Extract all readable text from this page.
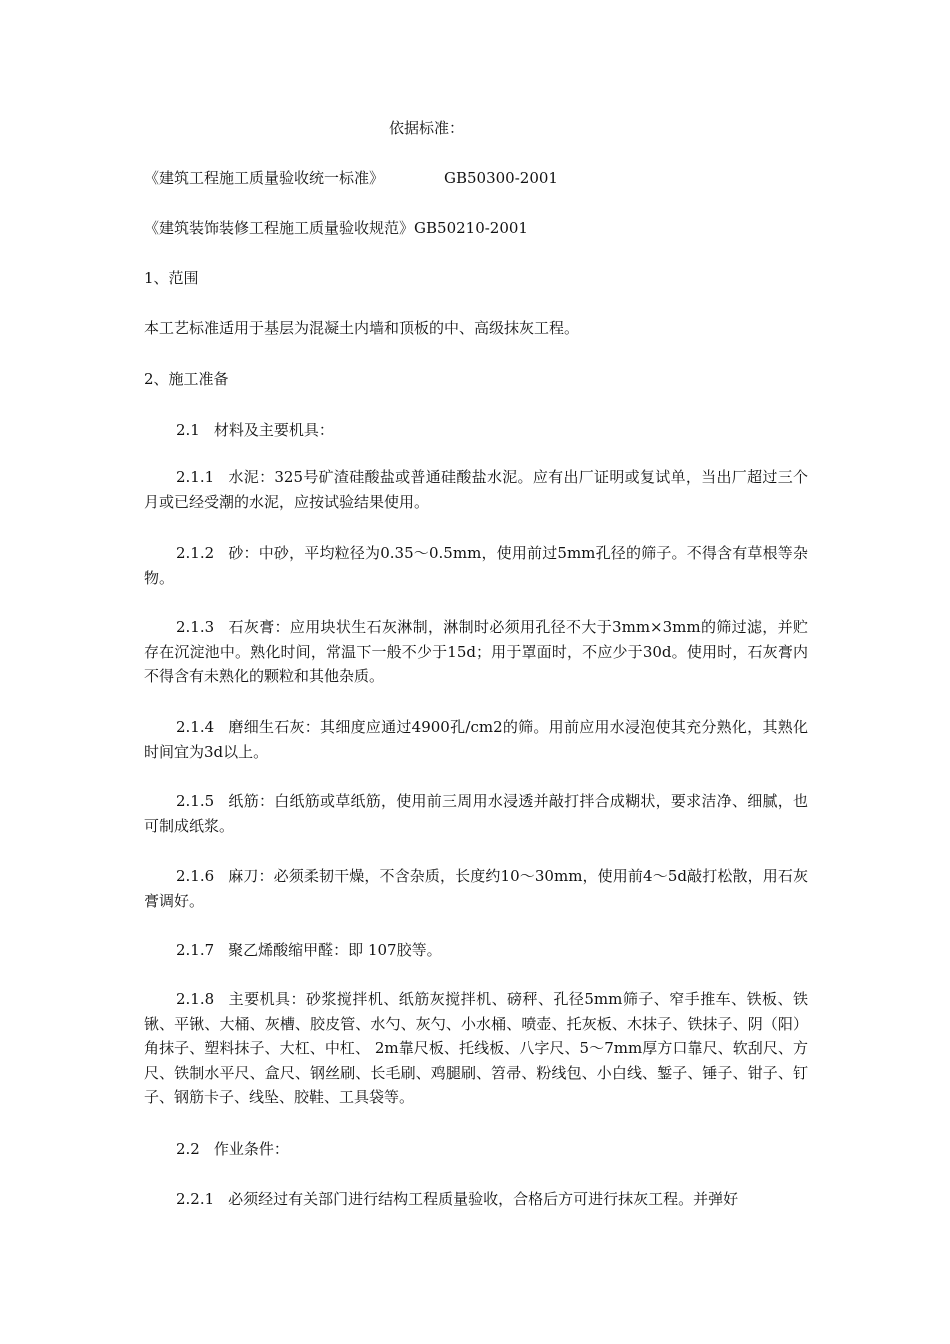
依据标准：
《建筑工程施工质量验收统一标准》	GB50300-2001
《建筑装饰装修工程施工质量验收规范》GB50210-2001
1、范围
本工艺标准适用于基层为混凝土内墙和顶板的中、高级抹灰工程。
2、施工准备
2.1 材料及主要机具：
2.1.1 水泥：325号矿渣硅酸盐或普通硅酸盐水泥。应有出厂证明或复试单，当出厂超过三个月或已经受潮的水泥，应按试验结果使用。
2.1.2 砂：中砂，平均粒径为0.35～0.5mm，使用前过5mm孔径的筛子。不得含有草根等杂物。
2.1.3 石灰膏：应用块状生石灰淋制，淋制时必须用孔径不大于3mm×3mm的筛过滤，并贮存在沉淀池中。熟化时间，常温下一般不少于15d；用于罩面时，不应少于30d。使用时，石灰膏内不得含有未熟化的颗粒和其他杂质。
2.1.4 磨细生石灰：其细度应通过4900孔/cm2的筛。用前应用水浸泡使其充分熟化，其熟化时间宜为3d以上。
2.1.5 纸筋：白纸筋或草纸筋，使用前三周用水浸透并敲打拌合成糊状，要求洁净、细腻，也可制成纸浆。
2.1.6 麻刀：必须柔韧干燥，不含杂质，长度约10～30mm，使用前4～5d敲打松散，用石灰膏调好。
2.1.7 聚乙烯酸缩甲醛：即 107胶等。
2.1.8 主要机具：砂浆搅拌机、纸筋灰搅拌机、磅秤、孔径5mm筛子、窄手推车、铁板、铁锹、平锹、大桶、灰槽、胶皮管、水勺、灰勺、小水桶、喷壶、托灰板、木抹子、铁抹子、阴（阳）角抹子、塑料抹子、大杠、中杠、 2m靠尺板、托线板、八字尺、5～7mm厚方口靠尺、软刮尺、方尺、铁制水平尺、盒尺、钢丝刷、长毛刷、鸡腿刷、笤帚、粉线包、小白线、錾子、锤子、钳子、钉子、钢筋卡子、线坠、胶鞋、工具袋等。
2.2 作业条件：
2.2.1 必须经过有关部门进行结构工程质量验收，合格后方可进行抹灰工程。并弹好
